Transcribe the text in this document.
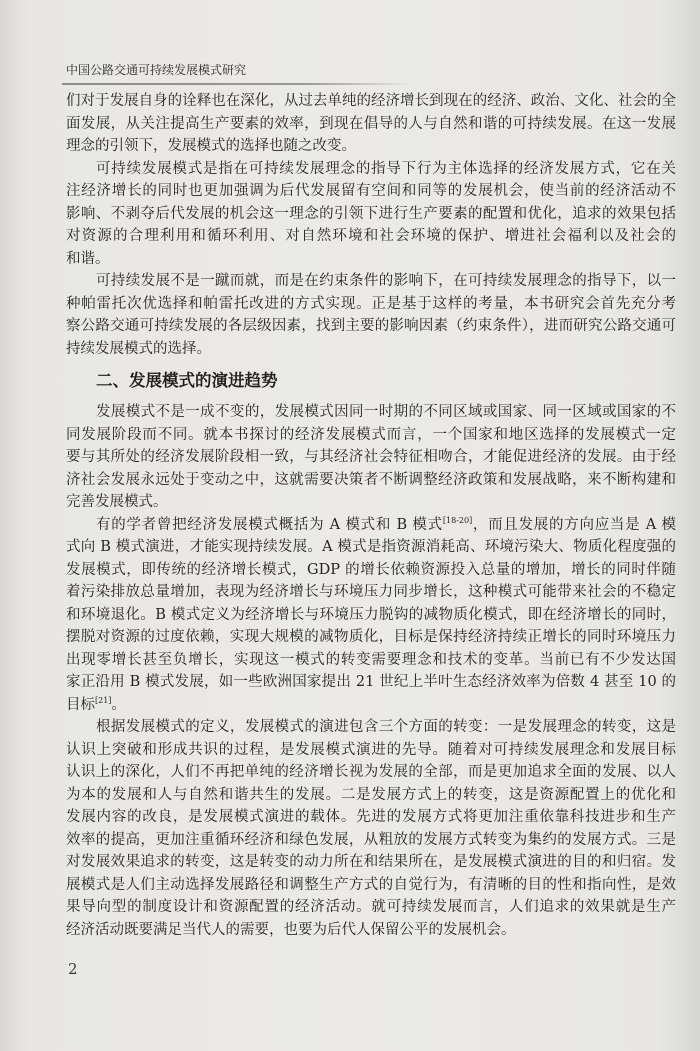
中国公路交通可持续发展模式研究
们对于发展自身的诠释也在深化，从过去单纯的经济增长到现在的经济、政治、文化、社会的全
面发展，从关注提高生产要素的效率，到现在倡导的人与自然和谐的可持续发展。在这一发展
理念的引领下，发展模式的选择也随之改变。
可持续发展模式是指在可持续发展理念的指导下行为主体选择的经济发展方式，它在关
注经济增长的同时也更加强调为后代发展留有空间和同等的发展机会，使当前的经济活动不
影响、不剥夺后代发展的机会这一理念的引领下进行生产要素的配置和优化，追求的效果包括
对资源的合理利用和循环利用、对自然环境和社会环境的保护、增进社会福利以及社会的
和谐。
可持续发展不是一蹴而就，而是在约束条件的影响下，在可持续发展理念的指导下，以一
种帕雷托次优选择和帕雷托改进的方式实现。正是基于这样的考量，本书研究会首先充分考
察公路交通可持续发展的各层级因素，找到主要的影响因素（约束条件），进而研究公路交通可
持续发展模式的选择。
二、发展模式的演进趋势
发展模式不是一成不变的，发展模式因同一时期的不同区域或国家、同一区域或国家的不
同发展阶段而不同。就本书探讨的经济发展模式而言，一个国家和地区选择的发展模式一定
要与其所处的经济发展阶段相一致，与其经济社会特征相吻合，才能促进经济的发展。由于经
济社会发展永远处于变动之中，这就需要决策者不断调整经济政策和发展战略，来不断构建和
完善发展模式。
有的学者曾把经济发展模式概括为 A 模式和 B 模式[18-20]，而且发展的方向应当是 A 模
式向 B 模式演进，才能实现持续发展。A 模式是指资源消耗高、环境污染大、物质化程度强的
发展模式，即传统的经济增长模式，GDP 的增长依赖资源投入总量的增加，增长的同时伴随
着污染排放总量增加，表现为经济增长与环境压力同步增长，这种模式可能带来社会的不稳定
和环境退化。B 模式定义为经济增长与环境压力脱钩的减物质化模式，即在经济增长的同时，
摆脱对资源的过度依赖，实现大规模的减物质化，目标是保持经济持续正增长的同时环境压力
出现零增长甚至负增长，实现这一模式的转变需要理念和技术的变革。当前已有不少发达国
家正沿用 B 模式发展，如一些欧洲国家提出 21 世纪上半叶生态经济效率为倍数 4 甚至 10 的
目标[21]。
根据发展模式的定义，发展模式的演进包含三个方面的转变：一是发展理念的转变，这是
认识上突破和形成共识的过程，是发展模式演进的先导。随着对可持续发展理念和发展目标
认识上的深化，人们不再把单纯的经济增长视为发展的全部，而是更加追求全面的发展、以人
为本的发展和人与自然和谐共生的发展。二是发展方式上的转变，这是资源配置上的优化和
发展内容的改良，是发展模式演进的载体。先进的发展方式将更加注重依靠科技进步和生产
效率的提高，更加注重循环经济和绿色发展，从粗放的发展方式转变为集约的发展方式。三是
对发展效果追求的转变，这是转变的动力所在和结果所在，是发展模式演进的目的和归宿。发
展模式是人们主动选择发展路径和调整生产方式的自觉行为，有清晰的目的性和指向性，是效
果导向型的制度设计和资源配置的经济活动。就可持续发展而言，人们追求的效果就是生产
经济活动既要满足当代人的需要，也要为后代人保留公平的发展机会。
2
